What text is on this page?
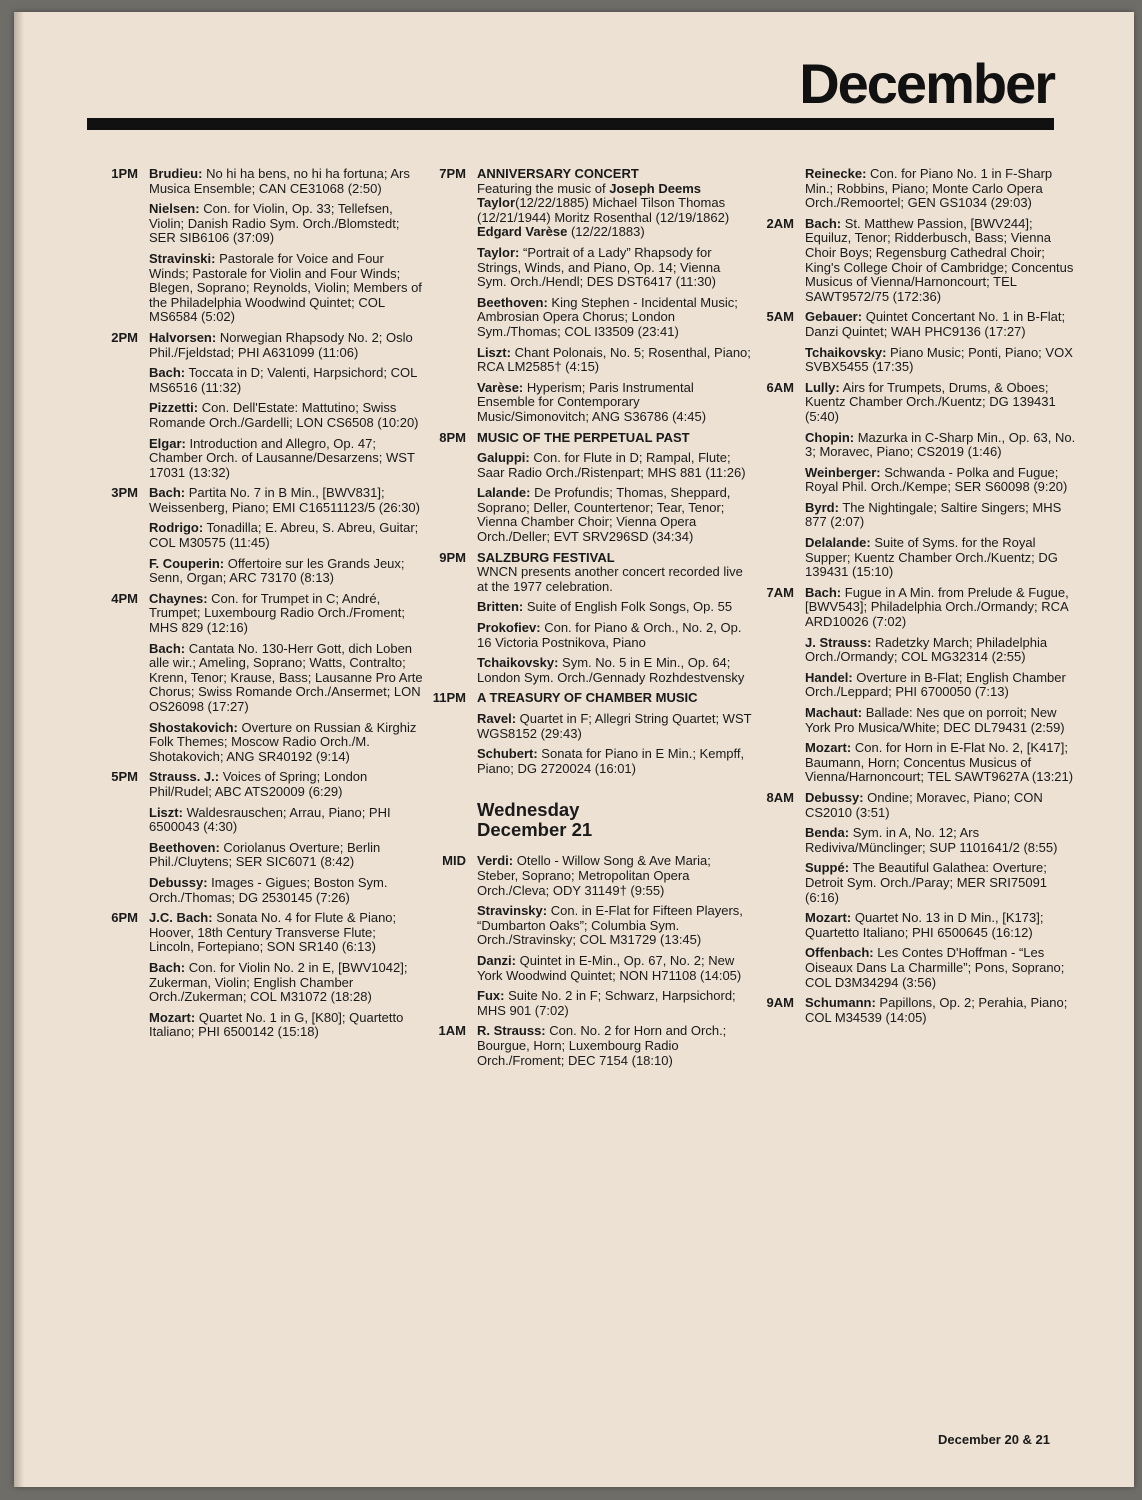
December
1PM Brudieu: No hi ha bens, no hi ha fortuna; Ars Musica Ensemble; CAN CE31068 (2:50)
Nielsen: Con. for Violin, Op. 33; Tellefsen, Violin; Danish Radio Sym. Orch./Blomstedt; SER SIB6106 (37:09)
Stravinski: Pastorale for Voice and Four Winds; Pastorale for Violin and Four Winds; Blegen, Soprano; Reynolds, Violin; Members of the Philadelphia Woodwind Quintet; COL MS6584 (5:02)
2PM Halvorsen: Norwegian Rhapsody No. 2; Oslo Phil./Fjeldstad; PHI A631099 (11:06)
Bach: Toccata in D; Valenti, Harpsichord; COL MS6516 (11:32)
Pizzetti: Con. Dell'Estate: Mattutino; Swiss Romande Orch./Gardelli; LON CS6508 (10:20)
Elgar: Introduction and Allegro, Op. 47; Chamber Orch. of Lausanne/Desarzens; WST 17031 (13:32)
3PM Bach: Partita No. 7 in B Min., [BWV831]; Weissenberg, Piano; EMI C16511123/5 (26:30)
Rodrigo: Tonadilla; E. Abreu, S. Abreu, Guitar; COL M30575 (11:45)
F. Couperin: Offertoire sur les Grands Jeux; Senn, Organ; ARC 73170 (8:13)
4PM Chaynes: Con. for Trumpet in C; André, Trumpet; Luxembourg Radio Orch./Froment; MHS 829 (12:16)
Bach: Cantata No. 130-Herr Gott, dich Loben alle wir.; Ameling, Soprano; Watts, Contralto; Krenn, Tenor; Krause, Bass; Lausanne Pro Arte Chorus; Swiss Romande Orch./Ansermet; LON OS26098 (17:27)
Shostakovich: Overture on Russian & Kirghiz Folk Themes; Moscow Radio Orch./M. Shotakovich; ANG SR40192 (9:14)
5PM Strauss. J.: Voices of Spring; London Phil/Rudel; ABC ATS20009 (6:29)
Liszt: Waldesrauschen; Arrau, Piano; PHI 6500043 (4:30)
Beethoven: Coriolanus Overture; Berlin Phil./Cluytens; SER SIC6071 (8:42)
Debussy: Images - Gigues; Boston Sym. Orch./Thomas; DG 2530145 (7:26)
6PM J.C. Bach: Sonata No. 4 for Flute & Piano; Hoover, 18th Century Transverse Flute; Lincoln, Fortepiano; SON SR140 (6:13)
Bach: Con. for Violin No. 2 in E, [BWV1042]; Zukerman, Violin; English Chamber Orch./Zukerman; COL M31072 (18:28)
Mozart: Quartet No. 1 in G, [K80]; Quartetto Italiano; PHI 6500142 (15:18)
7PM ANNIVERSARY CONCERT
Featuring the music of Joseph Deems Taylor(12/22/1885) Michael Tilson Thomas (12/21/1944) Moritz Rosenthal (12/19/1862) Edgard Varèse (12/22/1883)
Taylor: “Portrait of a Lady” Rhapsody for Strings, Winds, and Piano, Op. 14; Vienna Sym. Orch./Hendl; DES DST6417 (11:30)
Beethoven: King Stephen - Incidental Music; Ambrosian Opera Chorus; London Sym./Thomas; COL I33509 (23:41)
Liszt: Chant Polonais, No. 5; Rosenthal, Piano; RCA LM2585† (4:15)
Varèse: Hyperism; Paris Instrumental Ensemble for Contemporary Music/Simonovitch; ANG S36786 (4:45)
8PM MUSIC OF THE PERPETUAL PAST
Galuppi: Con. for Flute in D; Rampal, Flute; Saar Radio Orch./Ristenpart; MHS 881 (11:26)
Lalande: De Profundis; Thomas, Sheppard, Soprano; Deller, Countertenor; Tear, Tenor; Vienna Chamber Choir; Vienna Opera Orch./Deller; EVT SRV296SD (34:34)
9PM SALZBURG FESTIVAL
WNCN presents another concert recorded live at the 1977 celebration.
Britten: Suite of English Folk Songs, Op. 55
Prokofiev: Con. for Piano & Orch., No. 2, Op. 16 Victoria Postnikova, Piano
Tchaikovsky: Sym. No. 5 in E Min., Op. 64; London Sym. Orch./Gennady Rozhdestvensky
11PM A TREASURY OF CHAMBER MUSIC
Ravel: Quartet in F; Allegri String Quartet; WST WGS8152 (29:43)
Schubert: Sonata for Piano in E Min.; Kempff, Piano; DG 2720024 (16:01)
Wednesday
December 21
MID Verdi: Otello - Willow Song & Ave Maria; Steber, Soprano; Metropolitan Opera Orch./Cleva; ODY 31149† (9:55)
Stravinsky: Con. in E-Flat for Fifteen Players, “Dumbarton Oaks”; Columbia Sym. Orch./Stravinsky; COL M31729 (13:45)
Danzi: Quintet in E-Min., Op. 67, No. 2; New York Woodwind Quintet; NON H71108 (14:05)
Fux: Suite No. 2 in F; Schwarz, Harpsichord; MHS 901 (7:02)
1AM R. Strauss: Con. No. 2 for Horn and Orch.; Bourgue, Horn; Luxembourg Radio Orch./Froment; DEC 7154 (18:10)
Reinecke: Con. for Piano No. 1 in F-Sharp Min.; Robbins, Piano; Monte Carlo Opera Orch./Remoortel; GEN GS1034 (29:03)
2AM Bach: St. Matthew Passion, [BWV244]; Equiluz, Tenor; Ridderbusch, Bass; Vienna Choir Boys; Regensburg Cathedral Choir; King's College Choir of Cambridge; Concentus Musicus of Vienna/Harnoncourt; TEL SAWT9572/75 (172:36)
5AM Gebauer: Quintet Concertant No. 1 in B-Flat; Danzi Quintet; WAH PHC9136 (17:27)
Tchaikovsky: Piano Music; Ponti, Piano; VOX SVBX5455 (17:35)
6AM Lully: Airs for Trumpets, Drums, & Oboes; Kuentz Chamber Orch./Kuentz; DG 139431 (5:40)
Chopin: Mazurka in C-Sharp Min., Op. 63, No. 3; Moravec, Piano; CS2019 (1:46)
Weinberger: Schwanda - Polka and Fugue; Royal Phil. Orch./Kempe; SER S60098 (9:20)
Byrd: The Nightingale; Saltire Singers; MHS 877 (2:07)
Delalande: Suite of Syms. for the Royal Supper; Kuentz Chamber Orch./Kuentz; DG 139431 (15:10)
7AM Bach: Fugue in A Min. from Prelude & Fugue, [BWV543]; Philadelphia Orch./Ormandy; RCA ARD10026 (7:02)
J. Strauss: Radetzky March; Philadelphia Orch./Ormandy; COL MG32314 (2:55)
Handel: Overture in B-Flat; English Chamber Orch./Leppard; PHI 6700050 (7:13)
Machaut: Ballade: Nes que on porroit; New York Pro Musica/White; DEC DL79431 (2:59)
Mozart: Con. for Horn in E-Flat No. 2, [K417]; Baumann, Horn; Concentus Musicus of Vienna/Harnoncourt; TEL SAWT9627A (13:21)
8AM Debussy: Ondine; Moravec, Piano; CON CS2010 (3:51)
Benda: Sym. in A, No. 12; Ars Rediviva/Münclinger; SUP 1101641/2 (8:55)
Suppé: The Beautiful Galathea: Overture; Detroit Sym. Orch./Paray; MER SRI75091 (6:16)
Mozart: Quartet No. 13 in D Min., [K173]; Quartetto Italiano; PHI 6500645 (16:12)
Offenbach: Les Contes D'Hoffman - “Les Oiseaux Dans La Charmille”; Pons, Soprano; COL D3M34294 (3:56)
9AM Schumann: Papillons, Op. 2; Perahia, Piano; COL M34539 (14:05)
December 20 & 21
